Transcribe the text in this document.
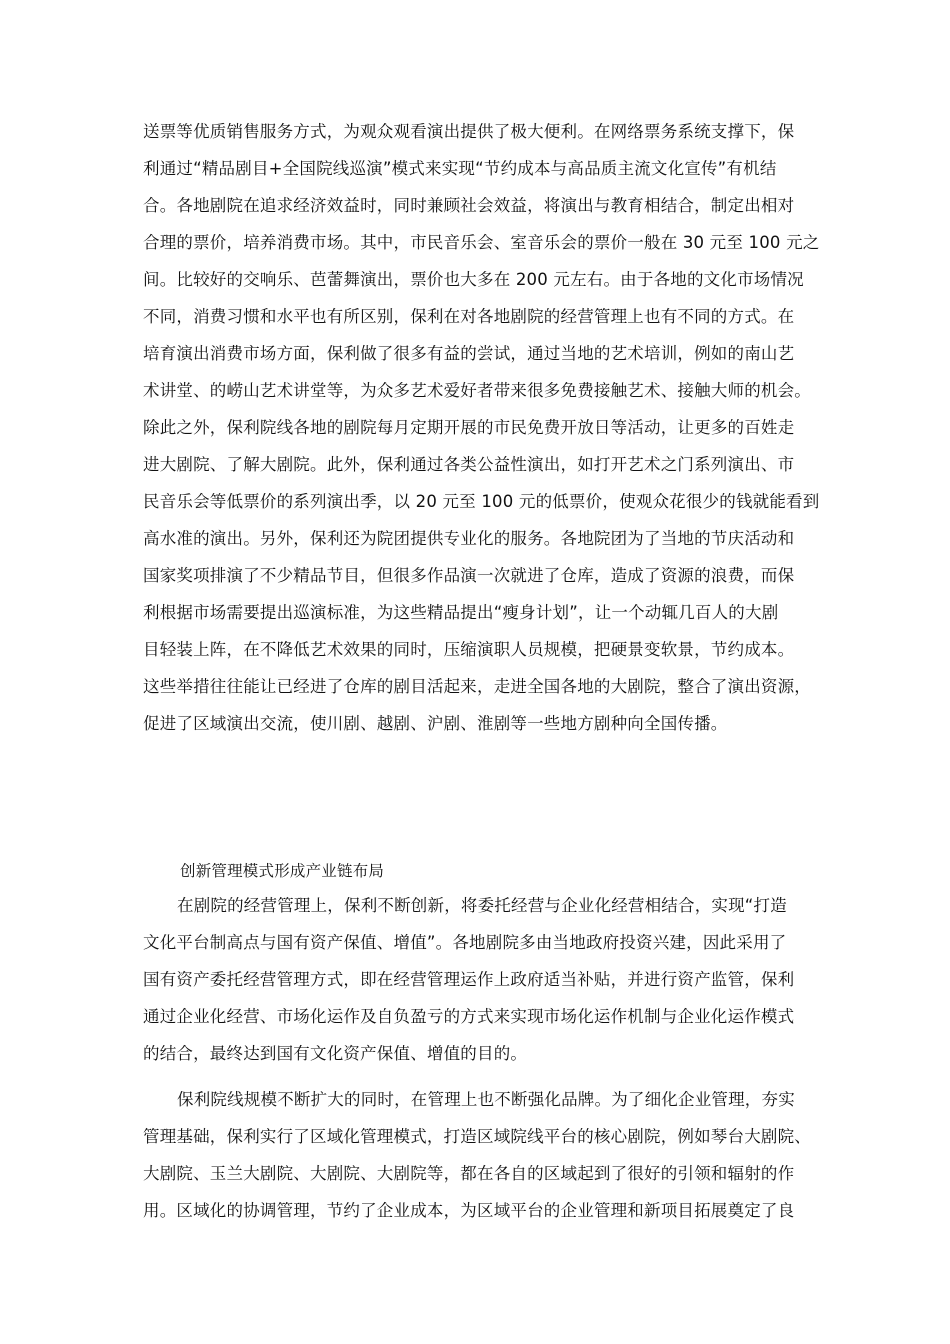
送票等优质销售服务方式，为观众观看演出提供了极大便利。在网络票务系统支撑下，保
利通过“精品剧目+全国院线巡演”模式来实现“节约成本与高品质主流文化宣传”有机结
合。各地剧院在追求经济效益时，同时兼顾社会效益，将演出与教育相结合，制定出相对
合理的票价，培养消费市场。其中，市民音乐会、室音乐会的票价一般在 30 元至 100 元之
间。比较好的交响乐、芭蕾舞演出，票价也大多在 200 元左右。由于各地的文化市场情况
不同，消费习惯和水平也有所区别，保利在对各地剧院的经营管理上也有不同的方式。在
培育演出消费市场方面，保利做了很多有益的尝试，通过当地的艺术培训，例如的南山艺
术讲堂、的崂山艺术讲堂等，为众多艺术爱好者带来很多免费接触艺术、接触大师的机会。
除此之外，保利院线各地的剧院每月定期开展的市民免费开放日等活动，让更多的百姓走
进大剧院、了解大剧院。此外，保利通过各类公益性演出，如打开艺术之门系列演出、市
民音乐会等低票价的系列演出季，以 20 元至 100 元的低票价，使观众花很少的钱就能看到
高水准的演出。另外，保利还为院团提供专业化的服务。各地院团为了当地的节庆活动和
国家奖项排演了不少精品节目，但很多作品演一次就进了仓库，造成了资源的浪费，而保
利根据市场需要提出巡演标准，为这些精品提出“瘦身计划”，让一个动辄几百人的大剧
目轻装上阵，在不降低艺术效果的同时，压缩演职人员规模，把硬景变软景，节约成本。
这些举措往往能让已经进了仓库的剧目活起来，走进全国各地的大剧院，整合了演出资源，
促进了区域演出交流，使川剧、越剧、沪剧、淮剧等一些地方剧种向全国传播。
创新管理模式形成产业链布局
在剧院的经营管理上，保利不断创新，将委托经营与企业化经营相结合，实现“打造
文化平台制高点与国有资产保值、增值”。各地剧院多由当地政府投资兴建，因此采用了
国有资产委托经营管理方式，即在经营管理运作上政府适当补贴，并进行资产监管，保利
通过企业化经营、市场化运作及自负盈亏的方式来实现市场化运作机制与企业化运作模式
的结合，最终达到国有文化资产保值、增值的目的。
保利院线规模不断扩大的同时，在管理上也不断强化品牌。为了细化企业管理，夯实
管理基础，保利实行了区域化管理模式，打造区域院线平台的核心剧院，例如琴台大剧院、
大剧院、玉兰大剧院、大剧院、大剧院等，都在各自的区域起到了很好的引领和辐射的作
用。区域化的协调管理，节约了企业成本，为区域平台的企业管理和新项目拓展奠定了良
